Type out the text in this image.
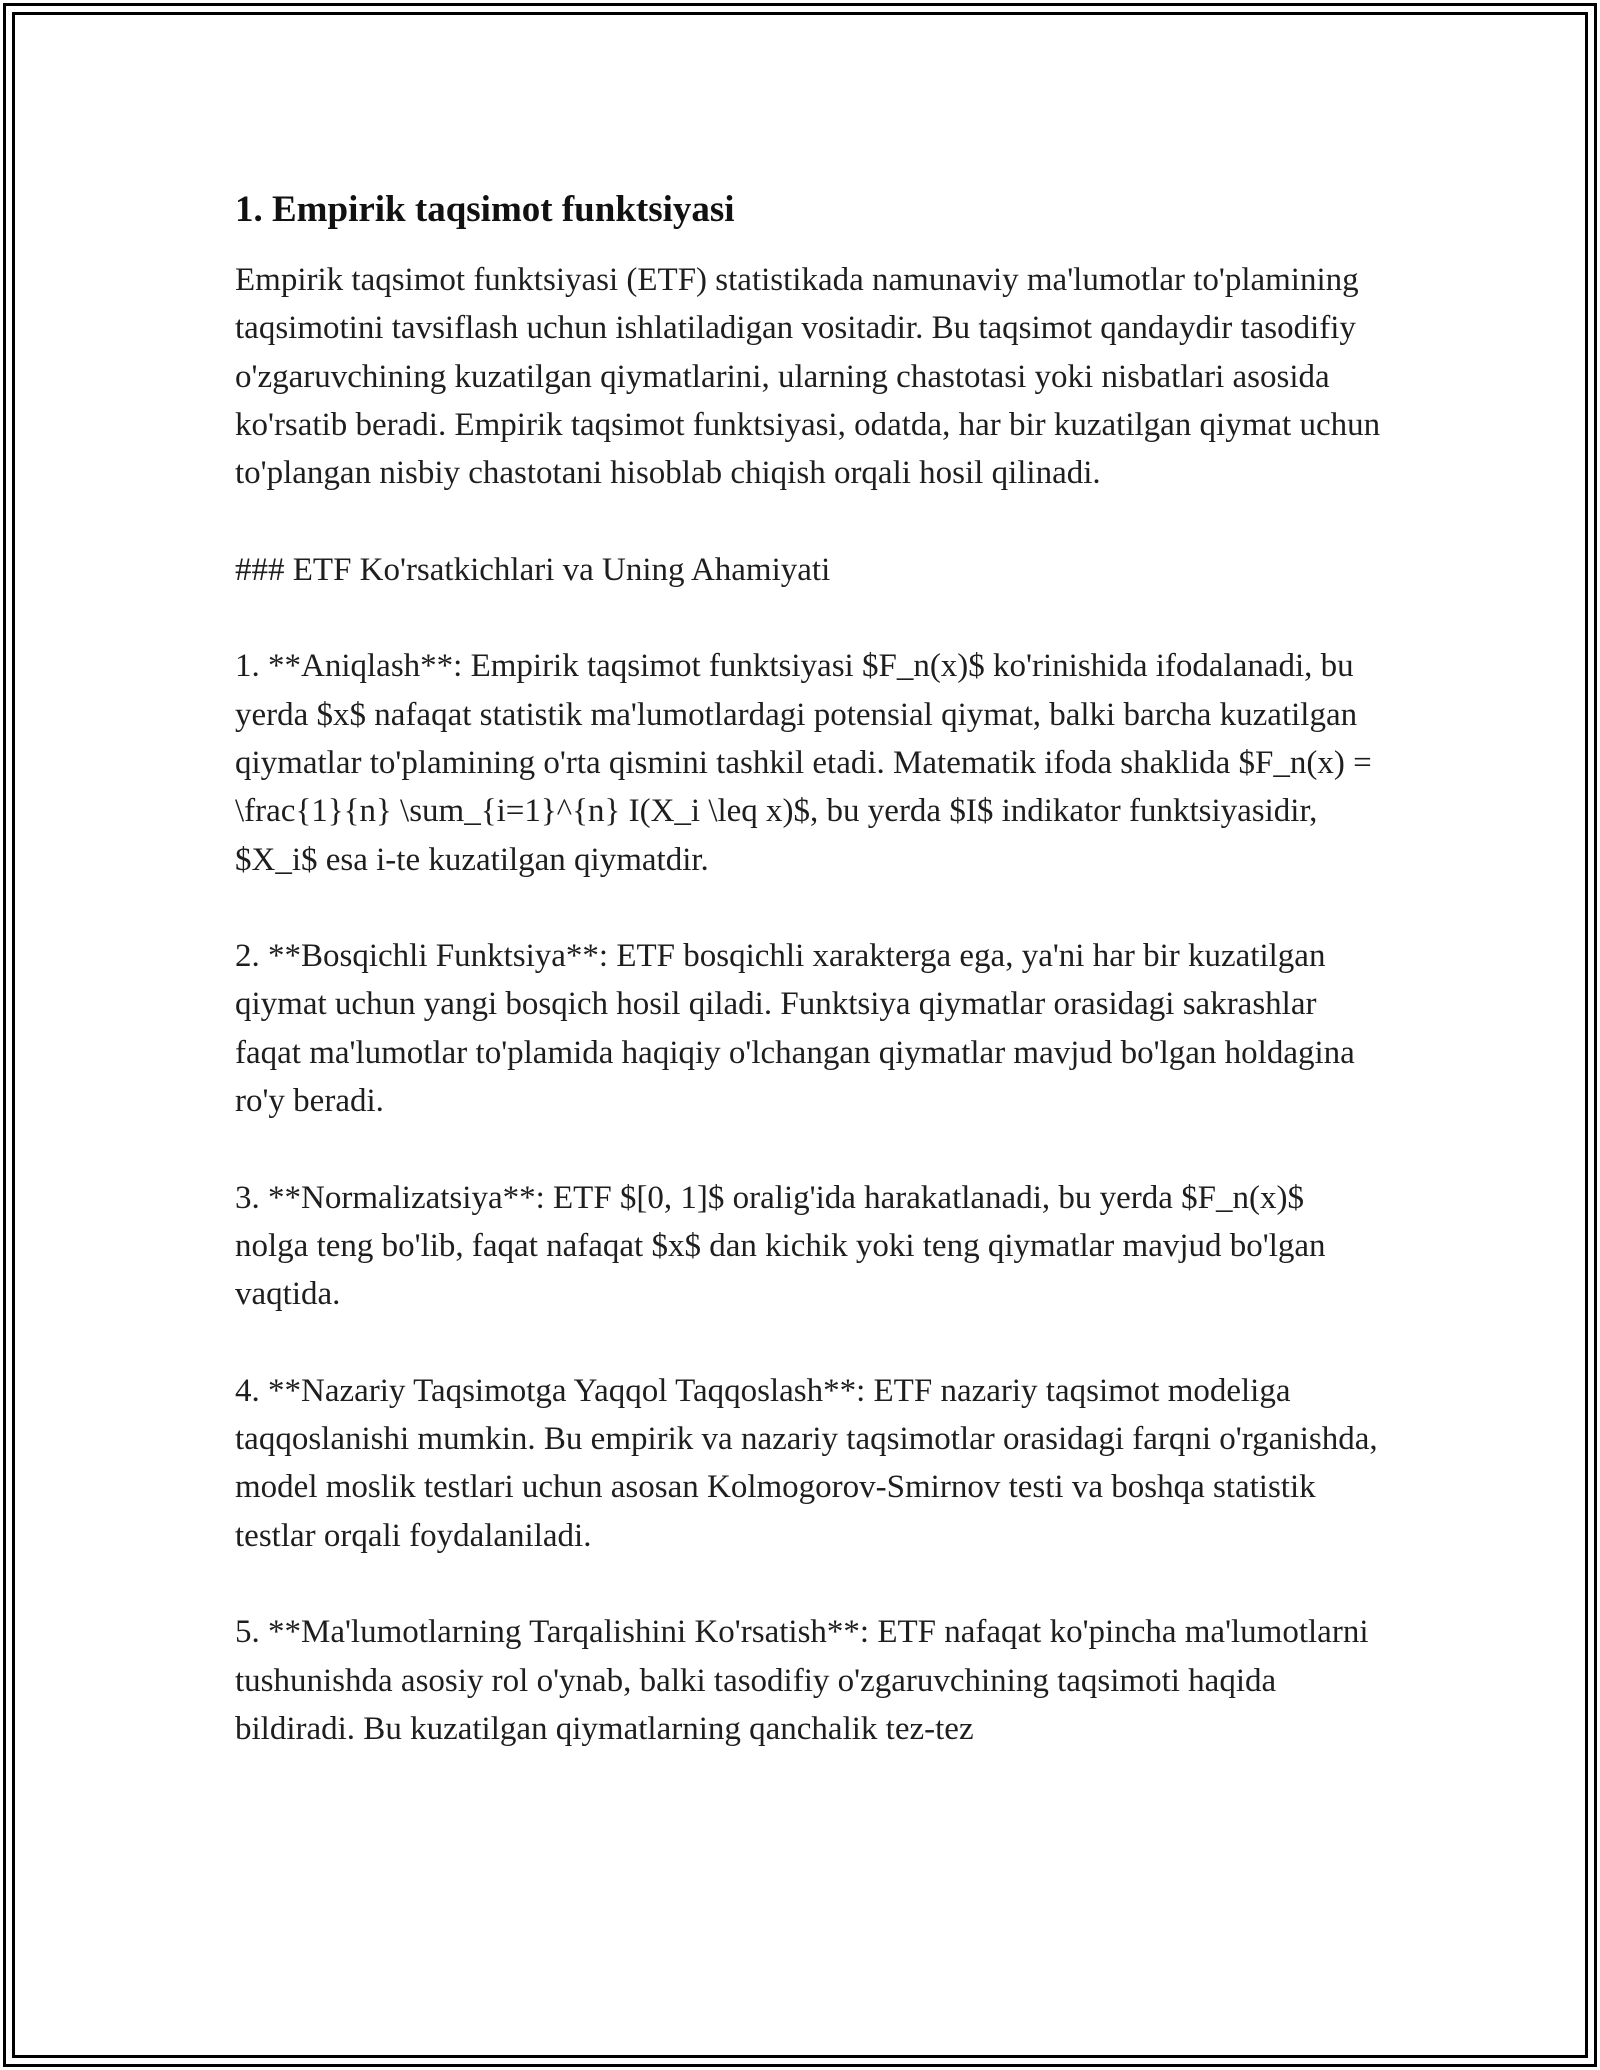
1. Empirik taqsimot funktsiyasi

Empirik taqsimot funktsiyasi (ETF) statistikada namunaviy ma'lumotlar to'plamining taqsimotini tavsiflash uchun ishlatiladigan vositadir. Bu taqsimot qandaydir tasodifiy o'zgaruvchining kuzatilgan qiymatlarini, ularning chastotasi yoki nisbatlari asosida ko'rsatib beradi. Empirik taqsimot funktsiyasi, odatda, har bir kuzatilgan qiymat uchun to'plangan nisbiy chastotani hisoblab chiqish orqali hosil qilinadi.

### ETF Ko'rsatkichlari va Uning Ahamiyati

1. **Aniqlash**: Empirik taqsimot funktsiyasi $F_n(x)$ ko'rinishida ifodalanadi, bu yerda $x$ nafaqat statistik ma'lumotlardagi potensial qiymat, balki barcha kuzatilgan qiymatlar to'plamining o'rta qismini tashkil etadi. Matematik ifoda shaklida $F_n(x) = \frac{1}{n} \sum_{i=1}^{n} I(X_i \leq x)$, bu yerda $I$ indikator funktsiyasidir, $X_i$ esa i-te kuzatilgan qiymatdir.

2. **Bosqichli Funktsiya**: ETF bosqichli xarakterga ega, ya'ni har bir kuzatilgan qiymat uchun yangi bosqich hosil qiladi. Funktsiya qiymatlar orasidagi sakrashlar faqat ma'lumotlar to'plamida haqiqiy o'lchangan qiymatlar mavjud bo'lgan holdagina ro'y beradi.

3. **Normalizatsiya**: ETF $[0, 1]$ oralig'ida harakatlanadi, bu yerda $F_n(x)$ nolga teng bo'lib, faqat nafaqat $x$ dan kichik yoki teng qiymatlar mavjud bo'lgan vaqtida.

4. **Nazariy Taqsimotga Yaqqol Taqqoslash**: ETF nazariy taqsimot modeliga taqqoslanishi mumkin. Bu empirik va nazariy taqsimotlar orasidagi farqni o'rganishda, model moslik testlari uchun asosan Kolmogorov-Smirnov testi va boshqa statistik testlar orqali foydalaniladi.

5. **Ma'lumotlarning Tarqalishini Ko'rsatish**: ETF nafaqat ko'pincha ma'lumotlarni tushunishda asosiy rol o'ynab, balki tasodifiy o'zgaruvchining taqsimoti haqida bildiradi. Bu kuzatilgan qiymatlarning qanchalik tez-tez
